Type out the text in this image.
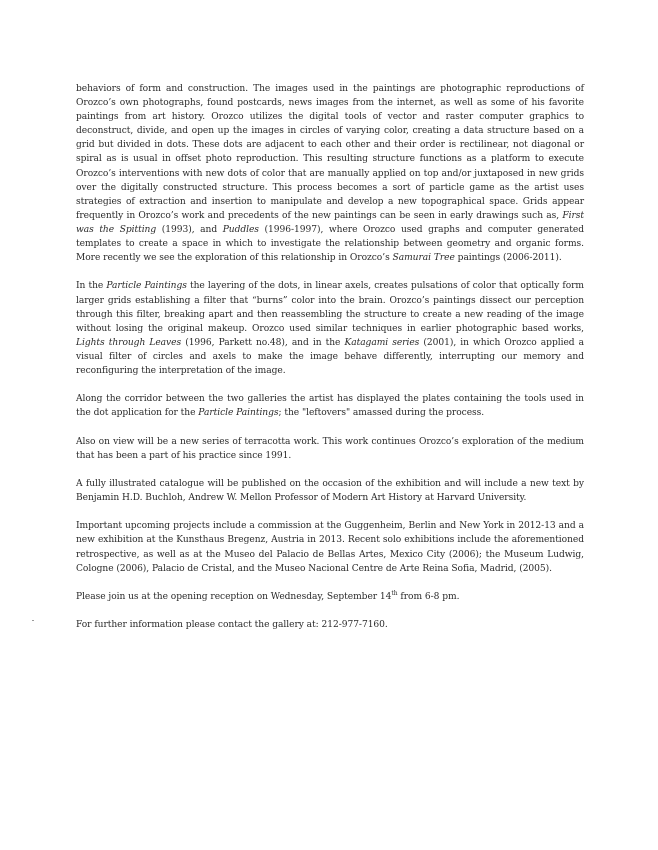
behaviors of form and construction. The images used in the paintings are photographic reproductions of Orozco’s own photographs, found postcards, news images from the internet, as well as some of his favorite paintings from art history. Orozco utilizes the digital tools of vector and raster computer graphics to deconstruct, divide, and open up the images in circles of varying color, creating a data structure based on a grid but divided in dots. These dots are adjacent to each other and their order is rectilinear, not diagonal or spiral as is usual in offset photo reproduction. This resulting structure functions as a platform to execute Orozco’s interventions with new dots of color that are manually applied on top and/or juxtaposed in new grids over the digitally constructed structure. This process becomes a sort of particle game as the artist uses strategies of extraction and insertion to manipulate and develop a new topographical space. Grids appear frequently in Orozco’s work and precedents of the new paintings can be seen in early drawings such as, First was the Spitting (1993), and Puddles (1996-1997), where Orozco used graphs and computer generated templates to create a space in which to investigate the relationship between geometry and organic forms. More recently we see the exploration of this relationship in Orozco’s Samurai Tree paintings (2006-2011).

In the Particle Paintings the layering of the dots, in linear axels, creates pulsations of color that optically form larger grids establishing a filter that “burns” color into the brain. Orozco’s paintings dissect our perception through this filter, breaking apart and then reassembling the structure to create a new reading of the image without losing the original makeup. Orozco used similar techniques in earlier photographic based works, Lights through Leaves (1996, Parkett no.48), and in the Katagami series (2001), in which Orozco applied a visual filter of circles and axels to make the image behave differently, interrupting our memory and reconfiguring the interpretation of the image.

Along the corridor between the two galleries the artist has displayed the plates containing the tools used in the dot application for the Particle Paintings; the "leftovers" amassed during the process.

Also on view will be a new series of terracotta work. This work continues Orozco’s exploration of the medium that has been a part of his practice since 1991.

A fully illustrated catalogue will be published on the occasion of the exhibition and will include a new text by Benjamin H.D. Buchloh, Andrew W. Mellon Professor of Modern Art History at Harvard University.

Important upcoming projects include a commission at the Guggenheim, Berlin and New York in 2012-13 and a new exhibition at the Kunsthaus Bregenz, Austria in 2013. Recent solo exhibitions include the aforementioned retrospective, as well as at the Museo del Palacio de Bellas Artes, Mexico City (2006); the Museum Ludwig, Cologne (2006), Palacio de Cristal, and the Museo Nacional Centre de Arte Reina Sofia, Madrid, (2005).

Please join us at the opening reception on Wednesday, September 14th from 6-8 pm.

For further information please contact the gallery at: 212-977-7160.
